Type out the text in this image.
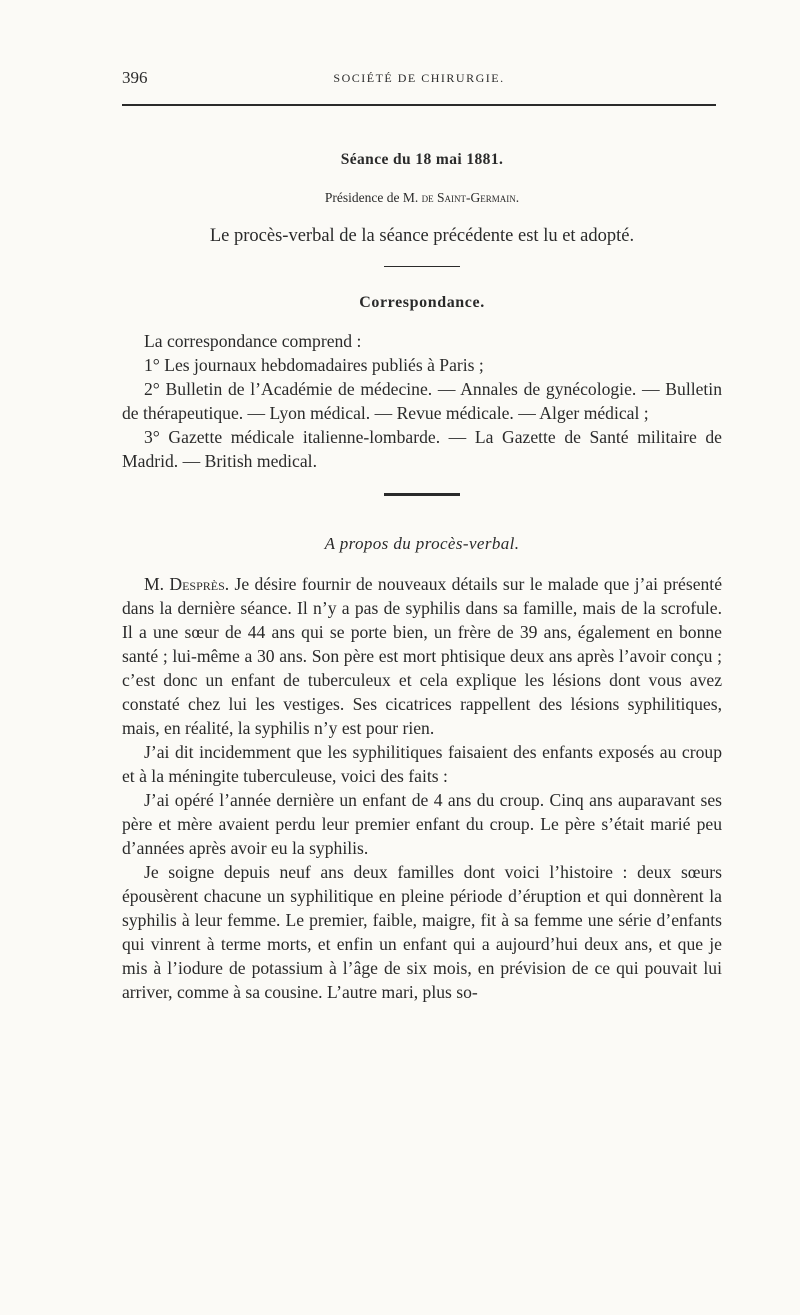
396	SOCIÉTÉ DE CHIRURGIE.
Séance du 18 mai 1881.
Présidence de M. de Saint-Germain.
Le procès-verbal de la séance précédente est lu et adopté.
Correspondance.

La correspondance comprend :

1° Les journaux hebdomadaires publiés à Paris ;

2° Bulletin de l’Académie de médecine. — Annales de gynécologie. — Bulletin de thérapeutique. — Lyon médical. — Revue médicale. — Alger médical ;

3° Gazette médicale italienne-lombarde. — La Gazette de Santé militaire de Madrid. — British medical.

A propos du procès-verbal.

M. Desprès. Je désire fournir de nouveaux détails sur le malade que j’ai présenté dans la dernière séance. Il n’y a pas de syphilis dans sa famille, mais de la scrofule. Il a une sœur de 44 ans qui se porte bien, un frère de 39 ans, également en bonne santé ; lui-même a 30 ans. Son père est mort phtisique deux ans après l’avoir conçu ; c’est donc un enfant de tuberculeux et cela explique les lésions dont vous avez constaté chez lui les vestiges. Ses cicatrices rappellent des lésions syphilitiques, mais, en réalité, la syphilis n’y est pour rien.

J’ai dit incidemment que les syphilitiques faisaient des enfants exposés au croup et à la méningite tuberculeuse, voici des faits :

J’ai opéré l’année dernière un enfant de 4 ans du croup. Cinq ans auparavant ses père et mère avaient perdu leur premier enfant du croup. Le père s’était marié peu d’années après avoir eu la syphilis.

Je soigne depuis neuf ans deux familles dont voici l’histoire : deux sœurs épousèrent chacune un syphilitique en pleine période d’éruption et qui donnèrent la syphilis à leur femme. Le premier, faible, maigre, fit à sa femme une série d’enfants qui vinrent à terme morts, et enfin un enfant qui a aujourd’hui deux ans, et que je mis à l’iodure de potassium à l’âge de six mois, en prévision de ce qui pouvait lui arriver, comme à sa cousine. L’autre mari, plus so-
